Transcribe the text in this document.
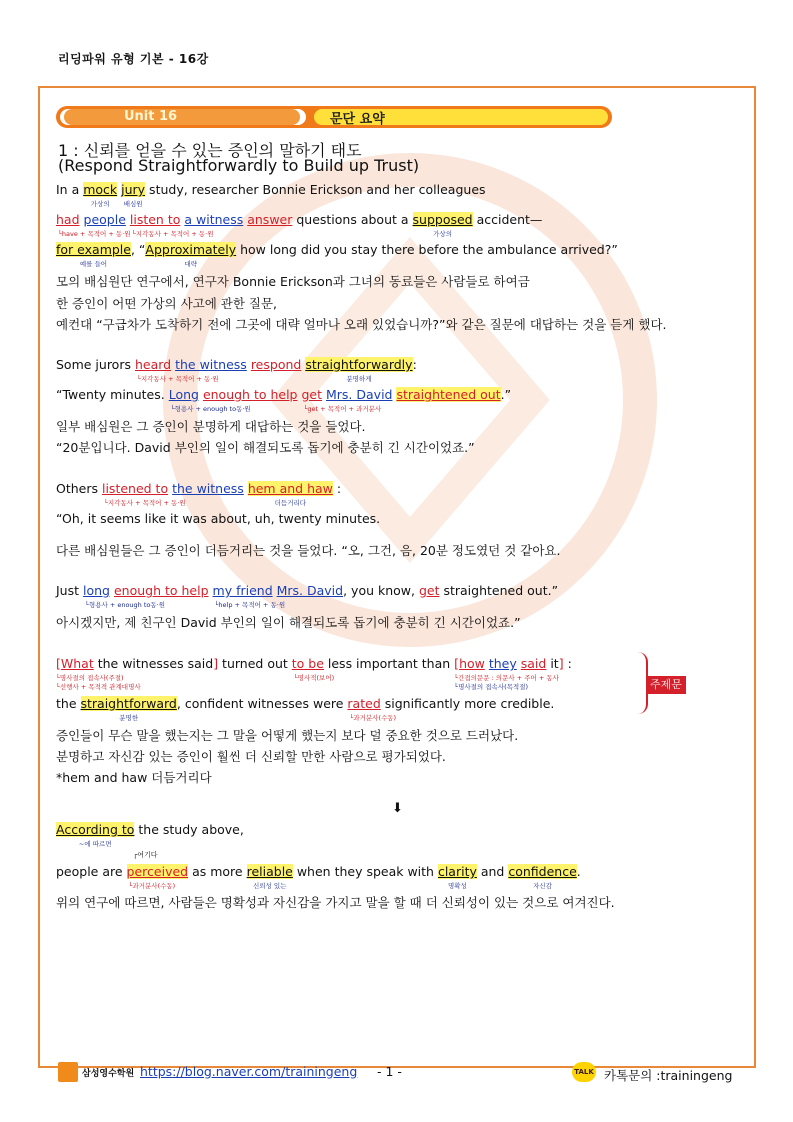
리딩파워 유형 기본 - 16강
Unit 16	문단 요약
1 : 신뢰를 얻을 수 있는 증인의 말하기 태도
(Respond Straightforwardly to Build up Trust)
In a mock
가상의
jury
배심원
study, researcher Bonnie Erickson and her colleagues
had
└have + 목적어 + 동·원
people listen to
└지각동사 + 목적어 + 동·원
a witness answer questions about a supposed
가상의
accident—
for example
예를 들어
, “Approximately
대략
how long did you stay there before the ambulance arrived?”
모의 배심원단 연구에서, 연구자 Bonnie Erickson과 그녀의 동료들은 사람들로 하여금
한 증인이 어떤 가상의 사고에 관한 질문,
예컨대 “구급차가 도착하기 전에 그곳에 대략 얼마나 오래 있었습니까?”와 같은 질문에 대답하는 것을 듣게 했다.
Some jurors heard
└지각동사 + 목적어 + 동·원
the witness respond straightforwardly
분명하게
:
“Twenty minutes. Long
└형용사 + enough to동·원
enough to help get
└get + 목적어 + 과거분사
Mrs. David straightened out.”
일부 배심원은 그 증인이 분명하게 대답하는 것을 들었다.
“20분입니다. David 부인의 일이 해결되도록 돕기에 충분히 긴 시간이었죠.”
Others listened to
└지각동사 + 목적어 + 동·원
the witness hem and haw
더듬거리다
:
“Oh, it seems like it was about, uh, twenty minutes.
다른 배심원들은 그 증인이 더듬거리는 것을 들었다. “오, 그건, 음, 20분 정도였던 것 같아요.
Just long
└형용사 + enough to동·원
enough to help my friend
└help + 목적어 + 동·원
Mrs. David, you know, get straightened out.”
아시겠지만, 제 친구인 David 부인의 일이 해결되도록 돕기에 충분히 긴 시간이었죠.”
[What the witnesses said]
└명사절의 접속사(주절)
└선행사 + 목적격 관계대명사
turned out to be
└명사적(보어)
less important than [how they said it]
└간접의문문 : 의문사 + 주어 + 동사
└명사절의 접속사(목적절)
:
the straightforward
분명한
, confident witnesses were rated
└과거분사(수동)
significantly more credible.
주제문
증인들이 무슨 말을 했는지는 그 말을 어떻게 했는지 보다 덜 중요한 것으로 드러났다.
분명하고 자신감 있는 증인이 훨씬 더 신뢰할 만한 사람으로 평가되었다.
*hem and haw 더듬거리다
⬇
According to
~에 따르면
the study above,
┌여기다
people are perceived
└과거분사(수동)
as more reliable
신뢰성 있는
when they speak with clarity
명확성
and confidence
자신감
.
위의 연구에 따르면, 사람들은 명확성과 자신감을 가지고 말을 할 때 더 신뢰성이 있는 것으로 여겨진다.
삼성영수학원 https://blog.naver.com/trainingeng - 1 -	TALK 카톡문의 :trainingeng
